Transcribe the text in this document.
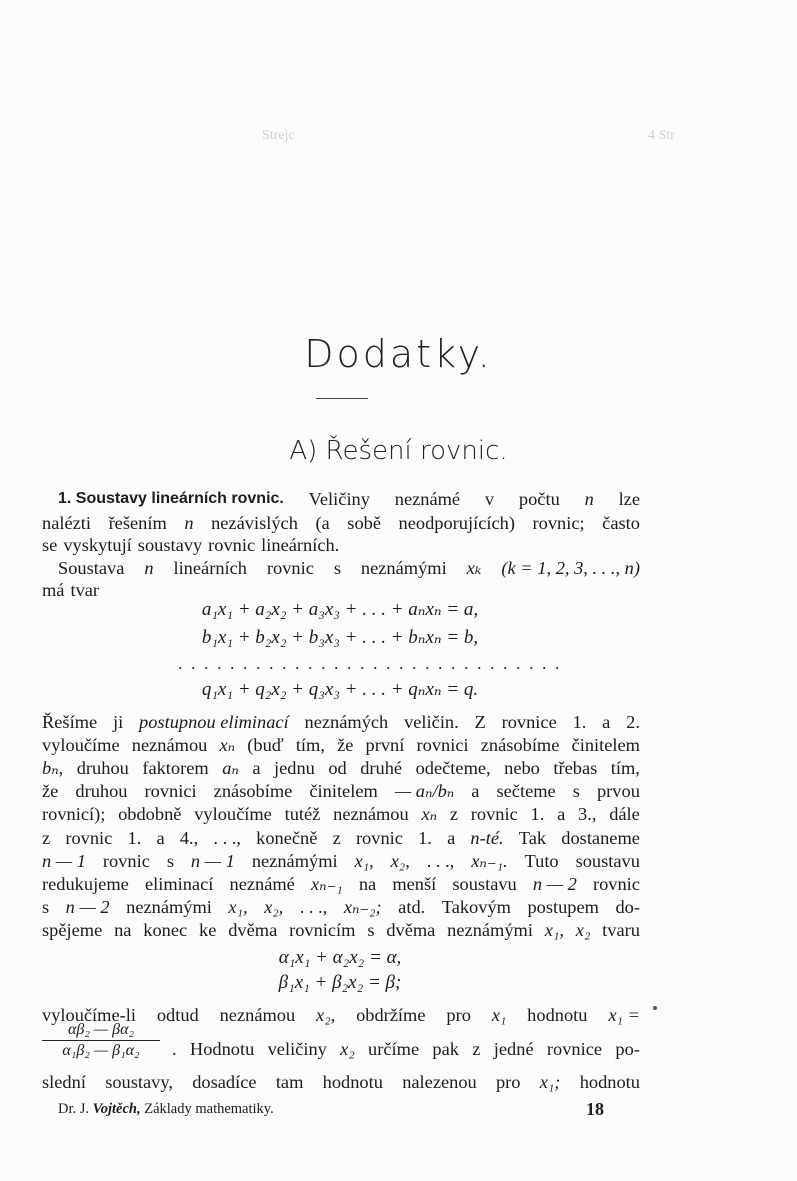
Strejc	4 Str
Dodatky.
A) Řešení rovnic.
1. Soustavy lineárních rovnic. Veličiny neznámé v počtu n lze
nalézti řešením n nezávislých (a sobě neodporujících) rovnic; často
se vyskytují soustavy rovnic lineárních.
Soustava n lineárních rovnic s neznámými xₖ (k = 1, 2, 3, . . ., n)
má tvar
a₁x₁ + a₂x₂ + a₃x₃ + . . . + aₙxₙ = a,
b₁x₁ + b₂x₂ + b₃x₃ + . . . + bₙxₙ = b,
. . . . . . . . . . . . . . . . . . . . . . . . . . . . . .
q₁x₁ + q₂x₂ + q₃x₃ + . . . + qₙxₙ = q.
Řešíme ji postupnou eliminací neznámých veličin. Z rovnice 1. a 2.
vyloučíme neznámou xₙ (buď tím, že první rovnici znásobíme činitelem
bₙ, druhou faktorem aₙ a jednu od druhé odečteme, nebo třebas tím,
že druhou rovnici znásobíme činitelem — aₙ/bₙ a sečteme s prvou
rovnicí); obdobně vyloučíme tutéž neznámou xₙ z rovnic 1. a 3., dále
z rovnic 1. a 4., . . ., konečně z rovnic 1. a n-té. Tak dostaneme
n — 1 rovnic s n — 1 neznámými x₁, x₂, . . ., xₙ₋₁. Tuto soustavu
redukujeme eliminací neznámé xₙ₋₁ na menší soustavu n — 2 rovnic
s n — 2 neznámými x₁, x₂, . . ., xₙ₋₂; atd. Takovým postupem do-
spějeme na konec ke dvěma rovnicím s dvěma neznámými x₁, x₂ tvaru
α₁x₁ + α₂x₂ = α,
β₁x₁ + β₂x₂ = β;
vyloučíme-li odtud neznámou x₂, obdržíme pro x₁ hodnotu x₁ =
$\frac{\text{αβ₂ — βα₂}}{\text{α₁β₂ — β₁α₂}}$ . Hodnotu veličiny x₂ určíme pak z jedné rovnice po-
slední soustavy, dosadíce tam hodnotu nalezenou pro x₁; hodnotu
Dr. J. Vojtěch, Základy mathematiky.	18
